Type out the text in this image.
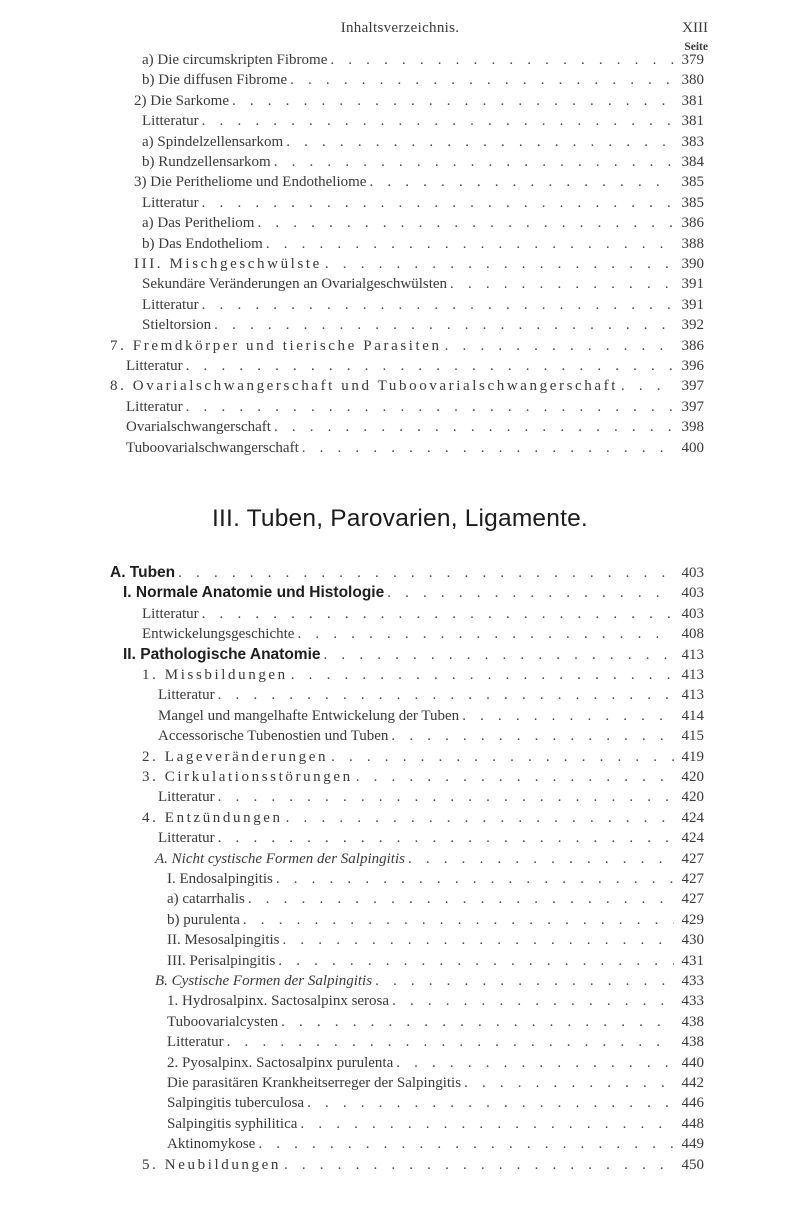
Inhaltsverzeichnis.	XIII
Seite
a) Die circumskripten Fibrome . . .	379
b) Die diffusen Fibrome . . .	380
2) Die Sarkome . . .	381
Litteratur . . .	381
a) Spindelzellensarkom . . .	383
b) Rundzellensarkom . . .	384
3) Die Peritheliome und Endotheliome . . .	385
Litteratur . . .	385
a) Das Peritheliom . . .	386
b) Das Endotheliom . . .	388
III. Mischgeschwülste . . .	390
Sekundäre Veränderungen an Ovarialgeschwülsten . . .	391
Litteratur . . .	391
Stieltorsion . . .	392
7. Fremdkörper und tierische Parasiten . . .	386
Litteratur . . .	396
8. Ovarialschwangerschaft und Tuboovarialschwangerschaft . . .	397
Litteratur . . .	397
Ovarialschwangerschaft . . .	398
Tuboovarialschwangerschaft . . .	400
A. Tuben . . .	403
I. Normale Anatomie und Histologie . . .	403
Litteratur . . .	403
Entwickelungsgeschichte . . .	408
II. Pathologische Anatomie . . .	413
1. Missbildungen . . .	413
Litteratur . . .	413
Mangel und mangelhafte Entwickelung der Tuben . . .	414
Accessorische Tubenostien und Tuben . . .	415
2. Lageveränderungen . . .	419
3. Cirkulationsstörungen . . .	420
Litteratur . . .	420
4. Entzündungen . . .	424
Litteratur . . .	424
A. Nicht cystische Formen der Salpingitis . . .	427
I. Endosalpingitis . . .	427
a) catarrhalis . . .	427
b) purulenta . . .	429
II. Mesosalpingitis . . .	430
III. Perisalpingitis . . .	431
B. Cystische Formen der Salpingitis . . .	433
1. Hydrosalpinx. Sactosalpinx serosa . . .	433
Tuboovarialcysten . . .	438
Litteratur . . .	438
2. Pyosalpinx. Sactosalpinx purulenta . . .	440
Die parasitären Krankheitserreger der Salpingitis . . .	442
Salpingitis tuberculosa . . .	446
Salpingitis syphilitica . . .	448
Aktinomykose . . .	449
5. Neubildungen . . .	450
III. Tuben, Parovarien, Ligamente.
